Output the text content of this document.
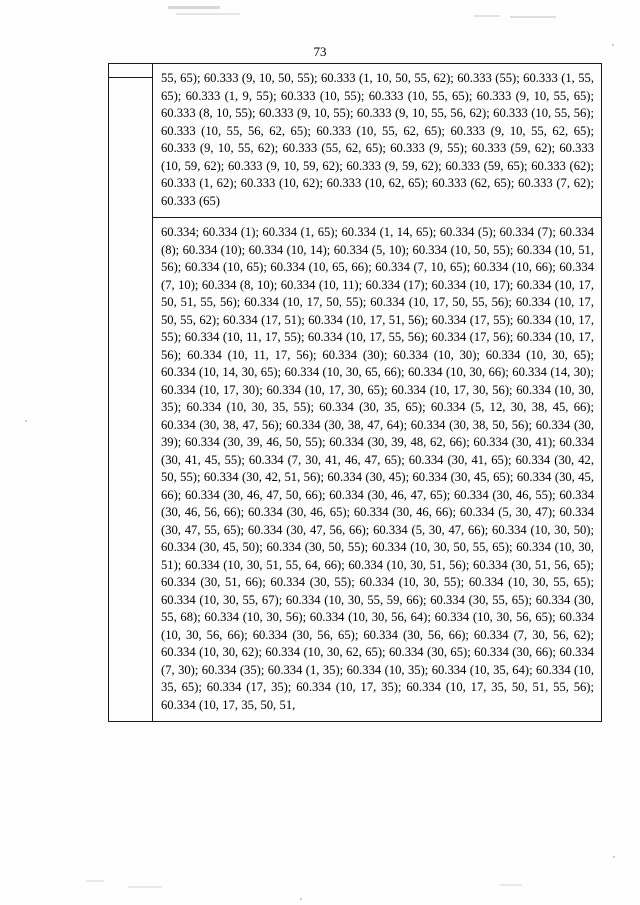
73
55, 65); 60.333 (9, 10, 50, 55); 60.333 (1, 10, 50, 55, 62); 60.333 (55); 60.333 (1, 55, 65); 60.333 (1, 9, 55); 60.333 (10, 55); 60.333 (10, 55, 65); 60.333 (9, 10, 55, 65); 60.333 (8, 10, 55); 60.333 (9, 10, 55); 60.333 (9, 10, 55, 56, 62); 60.333 (10, 55, 56); 60.333 (10, 55, 56, 62, 65); 60.333 (10, 55, 62, 65); 60.333 (9, 10, 55, 62, 65); 60.333 (9, 10, 55, 62); 60.333 (55, 62, 65); 60.333 (9, 55); 60.333 (59, 62); 60.333 (10, 59, 62); 60.333 (9, 10, 59, 62); 60.333 (9, 59, 62); 60.333 (59, 65); 60.333 (62); 60.333 (1, 62); 60.333 (10, 62); 60.333 (10, 62, 65); 60.333 (62, 65); 60.333 (7, 62); 60.333 (65)
60.334; 60.334 (1); 60.334 (1, 65); 60.334 (1, 14, 65); 60.334 (5); 60.334 (7); 60.334 (8); 60.334 (10); 60.334 (10, 14); 60.334 (5, 10); 60.334 (10, 50, 55); 60.334 (10, 51, 56); 60.334 (10, 65); 60.334 (10, 65, 66); 60.334 (7, 10, 65); 60.334 (10, 66); 60.334 (7, 10); 60.334 (8, 10); 60.334 (10, 11); 60.334 (17); 60.334 (10, 17); 60.334 (10, 17, 50, 51, 55, 56); 60.334 (10, 17, 50, 55); 60.334 (10, 17, 50, 55, 56); 60.334 (10, 17, 50, 55, 62); 60.334 (17, 51); 60.334 (10, 17, 51, 56); 60.334 (17, 55); 60.334 (10, 17, 55); 60.334 (10, 11, 17, 55); 60.334 (10, 17, 55, 56); 60.334 (17, 56); 60.334 (10, 17, 56); 60.334 (10, 11, 17, 56); 60.334 (30); 60.334 (10, 30); 60.334 (10, 30, 65); 60.334 (10, 14, 30, 65); 60.334 (10, 30, 65, 66); 60.334 (10, 30, 66); 60.334 (14, 30); 60.334 (10, 17, 30); 60.334 (10, 17, 30, 65); 60.334 (10, 17, 30, 56); 60.334 (10, 30, 35); 60.334 (10, 30, 35, 55); 60.334 (30, 35, 65); 60.334 (5, 12, 30, 38, 45, 66); 60.334 (30, 38, 47, 56); 60.334 (30, 38, 47, 64); 60.334 (30, 38, 50, 56); 60.334 (30, 39); 60.334 (30, 39, 46, 50, 55); 60.334 (30, 39, 48, 62, 66); 60.334 (30, 41); 60.334 (30, 41, 45, 55); 60.334 (7, 30, 41, 46, 47, 65); 60.334 (30, 41, 65); 60.334 (30, 42, 50, 55); 60.334 (30, 42, 51, 56); 60.334 (30, 45); 60.334 (30, 45, 65); 60.334 (30, 45, 66); 60.334 (30, 46, 47, 50, 66); 60.334 (30, 46, 47, 65); 60.334 (30, 46, 55); 60.334 (30, 46, 56, 66); 60.334 (30, 46, 65); 60.334 (30, 46, 66); 60.334 (5, 30, 47); 60.334 (30, 47, 55, 65); 60.334 (30, 47, 56, 66); 60.334 (5, 30, 47, 66); 60.334 (10, 30, 50); 60.334 (30, 45, 50); 60.334 (30, 50, 55); 60.334 (10, 30, 50, 55, 65); 60.334 (10, 30, 51); 60.334 (10, 30, 51, 55, 64, 66); 60.334 (10, 30, 51, 56); 60.334 (30, 51, 56, 65); 60.334 (30, 51, 66); 60.334 (30, 55); 60.334 (10, 30, 55); 60.334 (10, 30, 55, 65); 60.334 (10, 30, 55, 67); 60.334 (10, 30, 55, 59, 66); 60.334 (30, 55, 65); 60.334 (30, 55, 68); 60.334 (10, 30, 56); 60.334 (10, 30, 56, 64); 60.334 (10, 30, 56, 65); 60.334 (10, 30, 56, 66); 60.334 (30, 56, 65); 60.334 (30, 56, 66); 60.334 (7, 30, 56, 62); 60.334 (10, 30, 62); 60.334 (10, 30, 62, 65); 60.334 (30, 65); 60.334 (30, 66); 60.334 (7, 30); 60.334 (35); 60.334 (1, 35); 60.334 (10, 35); 60.334 (10, 35, 64); 60.334 (10, 35, 65); 60.334 (17, 35); 60.334 (10, 17, 35); 60.334 (10, 17, 35, 50, 51, 55, 56); 60.334 (10, 17, 35, 50, 51,
